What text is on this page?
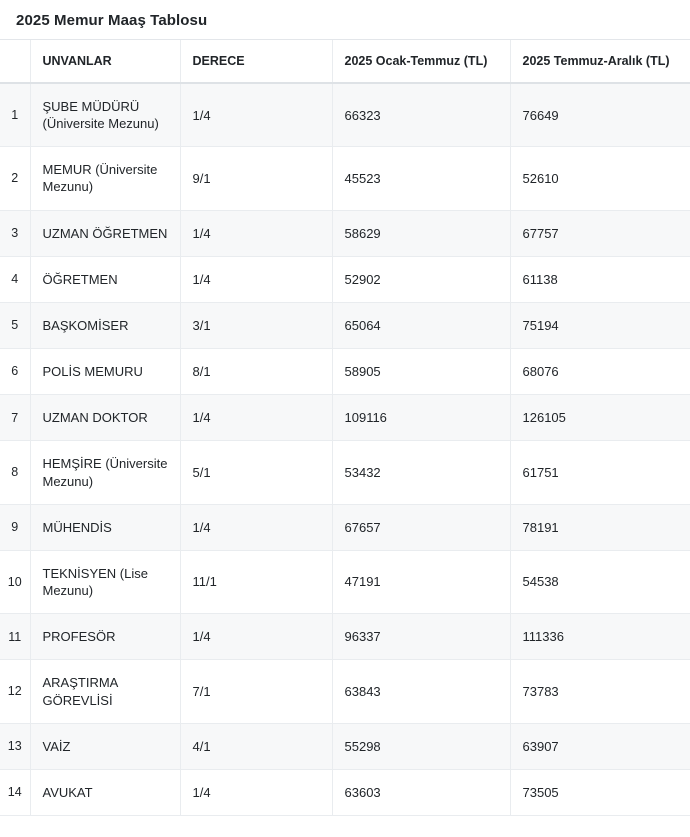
2025 Memur Maaş Tablosu
	UNVANLAR	DERECE	2025 Ocak-Temmuz (TL)	2025 Temmuz-Aralık (TL)
1	ŞUBE MÜDÜRÜ (Üniversite Mezunu)	1/4	66323	76649
2	MEMUR (Üniversite Mezunu)	9/1	45523	52610
3	UZMAN ÖĞRETMEN	1/4	58629	67757
4	ÖĞRETMEN	1/4	52902	61138
5	BAŞKOMİSER	3/1	65064	75194
6	POLİS MEMURU	8/1	58905	68076
7	UZMAN DOKTOR	1/4	109116	126105
8	HEMŞİRE (Üniversite Mezunu)	5/1	53432	61751
9	MÜHENDİS	1/4	67657	78191
10	TEKNİSYEN (Lise Mezunu)	11/1	47191	54538
11	PROFESÖR	1/4	96337	111336
12	ARAŞTIRMA GÖREVLİSİ	7/1	63843	73783
13	VAİZ	4/1	55298	63907
14	AVUKAT	1/4	63603	73505
